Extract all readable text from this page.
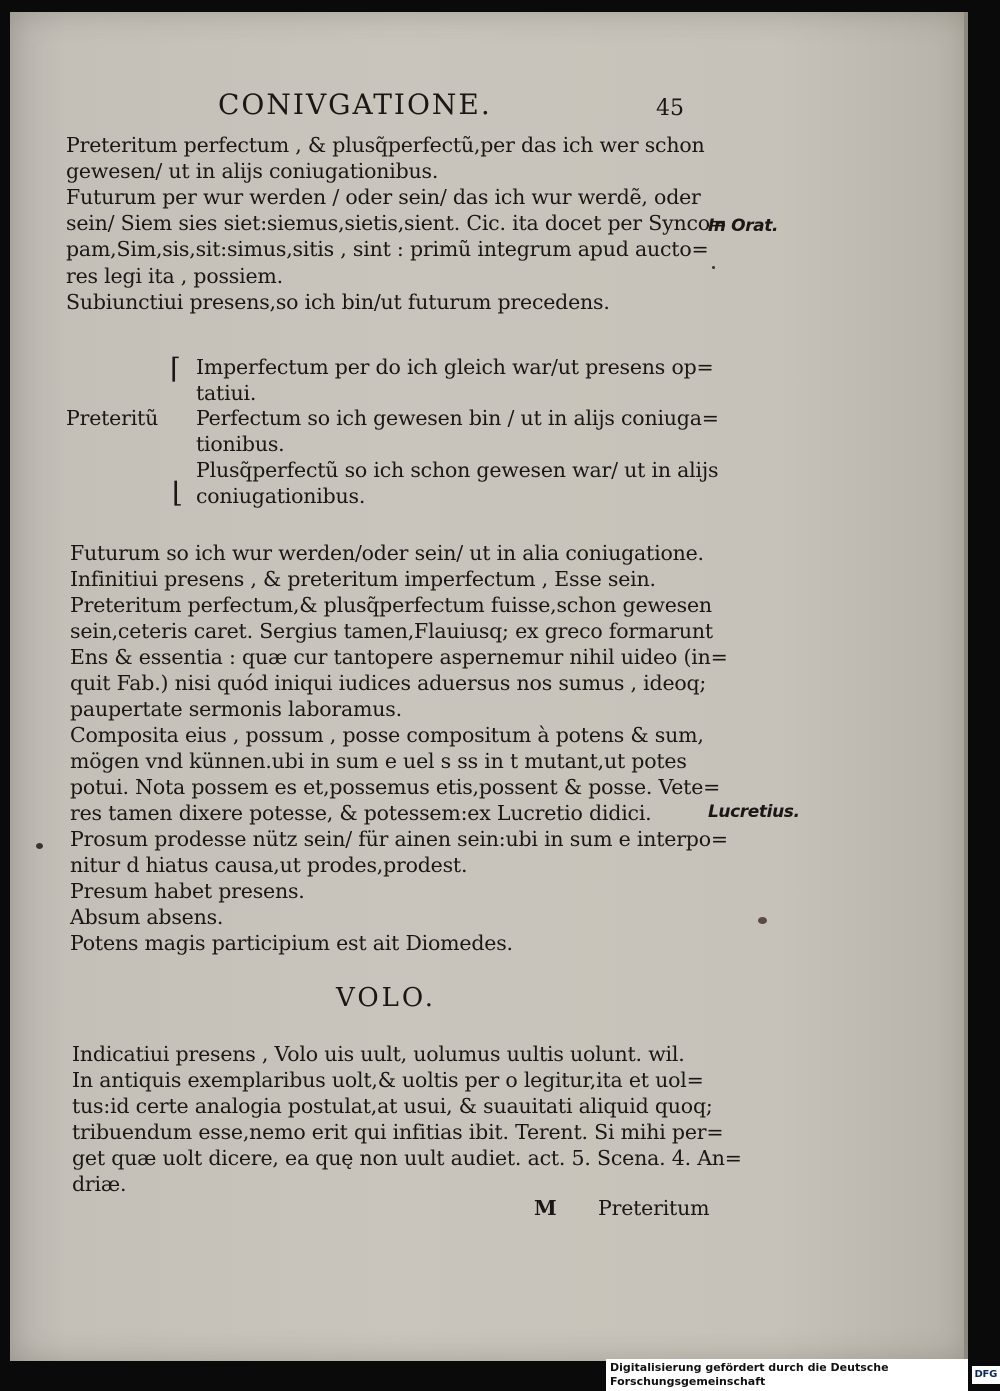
CONIVGATIONE.	45
Preteritum perfectum , & plusq̃perfectũ,per das ich wer schon
gewesen/ ut in aliјs coniugationibus.
Futurum per wur werden / oder sein/ das ich wur werdẽ, oder
sein/ Siem sies siet:siemus,sietis,sient. Cic. ita docet per Synco=
pam,Sim,sis,sit:simus,sitis , sint : primũ integrum apud aucto=
res legi ita , possiem.
Subiunctiui presens,so ich bin/ut futurum precedens.
In Orat.
Preteritũ
⌈
⌊
Imperfectum per do ich gleich war/ut presens op=
tatiui.
Perfectum so ich gewesen bin / ut in aliјs coniuga=
tionibus.
Plusq̃perfectũ so ich schon gewesen war/ ut in aliјs
coniugationibus.
Futurum so ich wur werden/oder sein/ ut in alia coniugatione.
Infinitiui presens , & preteritum imperfectum , Esse sein.
Preteritum perfectum,& plusq̃perfectum fuisse,schon gewesen
sein,ceteris caret. Sergius tamen,Flauiusq; ex greco formarunt
Ens & essentia : quæ cur tantopere aspernemur nihil uideo (in=
quit Fab.) nisi quód iniqui iudices aduersus nos sumus , ideoq;
paupertate sermonis laboramus.
Composita eius , possum , posse compositum à potens & sum,
mögen vnd künnen.ubi in sum e uel s ss in t mutant,ut potes
potui. Nota possem es et,possemus etis,possent & posse. Vete=
res tamen dixere potesse, & potessem:ex Lucretio didici.
Prosum prodesse nütz sein/ für ainen sein:ubi in sum e interpo=
nitur d hiatus causa,ut prodes,prodest.
Presum habet presens.
Absum absens.
Potens magis participium est ait Diomedes.
Lucretius.
VOLO.
Indicatiui presens , Volo uis uult, uolumus uultis uolunt. wil.
In antiquis exemplaribus uolt,& uoltis per o legitur,ita et uol=
tus:id certe analogia postulat,at usui, & suauitati aliquid quoq;
tribuendum esse,nemo erit qui infitias ibit. Terent. Si mihi per=
get quæ uolt dicere, ea quę non uult audiet. act. 5. Scena. 4. An=
driæ.
M Preteritum
Digitalisierung gefördert durch die Deutsche Forschungsgemeinschaft
DFG
